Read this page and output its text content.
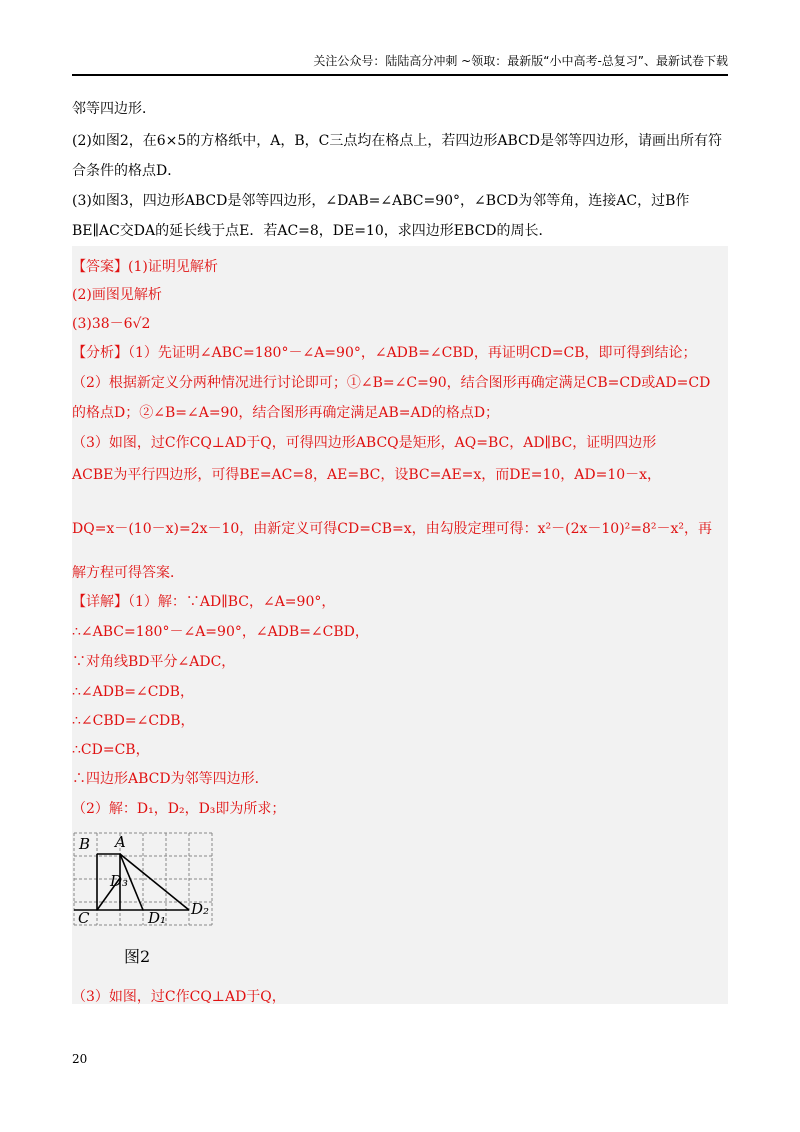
关注公众号：陆陆高分冲刺 ~领取：最新版“小中高考-总复习”、最新试卷下载
邻等四边形．
(2)如图2，在6×5的方格纸中，A，B，C三点均在格点上，若四边形ABCD是邻等四边形，请画出所有符
合条件的格点D．
(3)如图3，四边形ABCD是邻等四边形，∠DAB=∠ABC=90°，∠BCD为邻等角，连接AC，过B作
BE∥AC交DA的延长线于点E．若AC=8，DE=10，求四边形EBCD的周长．
【答案】(1)证明见解析
(2)画图见解析
(3)38－6√2
【分析】（1）先证明∠ABC=180°－∠A=90°，∠ADB=∠CBD，再证明CD=CB，即可得到结论；
（2）根据新定义分两种情况进行讨论即可；①∠B=∠C=90，结合图形再确定满足CB=CD或AD=CD
的格点D；②∠B=∠A=90，结合图形再确定满足AB=AD的格点D；
（3）如图，过C作CQ⊥AD于Q，可得四边形ABCQ是矩形，AQ=BC，AD∥BC，证明四边形
ACBE为平行四边形，可得BE=AC=8，AE=BC，设BC=AE=x，而DE=10，AD=10－x，
DQ=x－(10－x)=2x－10，由新定义可得CD=CB=x，由勾股定理可得：x²－(2x－10)²=8²－x²，再
解方程可得答案．
【详解】（1）解：∵AD∥BC，∠A=90°，
∴∠ABC=180°－∠A=90°，∠ADB=∠CBD，
∵对角线BD平分∠ADC，
∴∠ADB=∠CDB，
∴∠CBD=∠CDB，
∴CD=CB，
∴四边形ABCD为邻等四边形．
（2）解：D₁，D₂，D₃即为所求；
B A
C	D₁ D₂
D₃
图2
（3）如图，过C作CQ⊥AD于Q，
20
